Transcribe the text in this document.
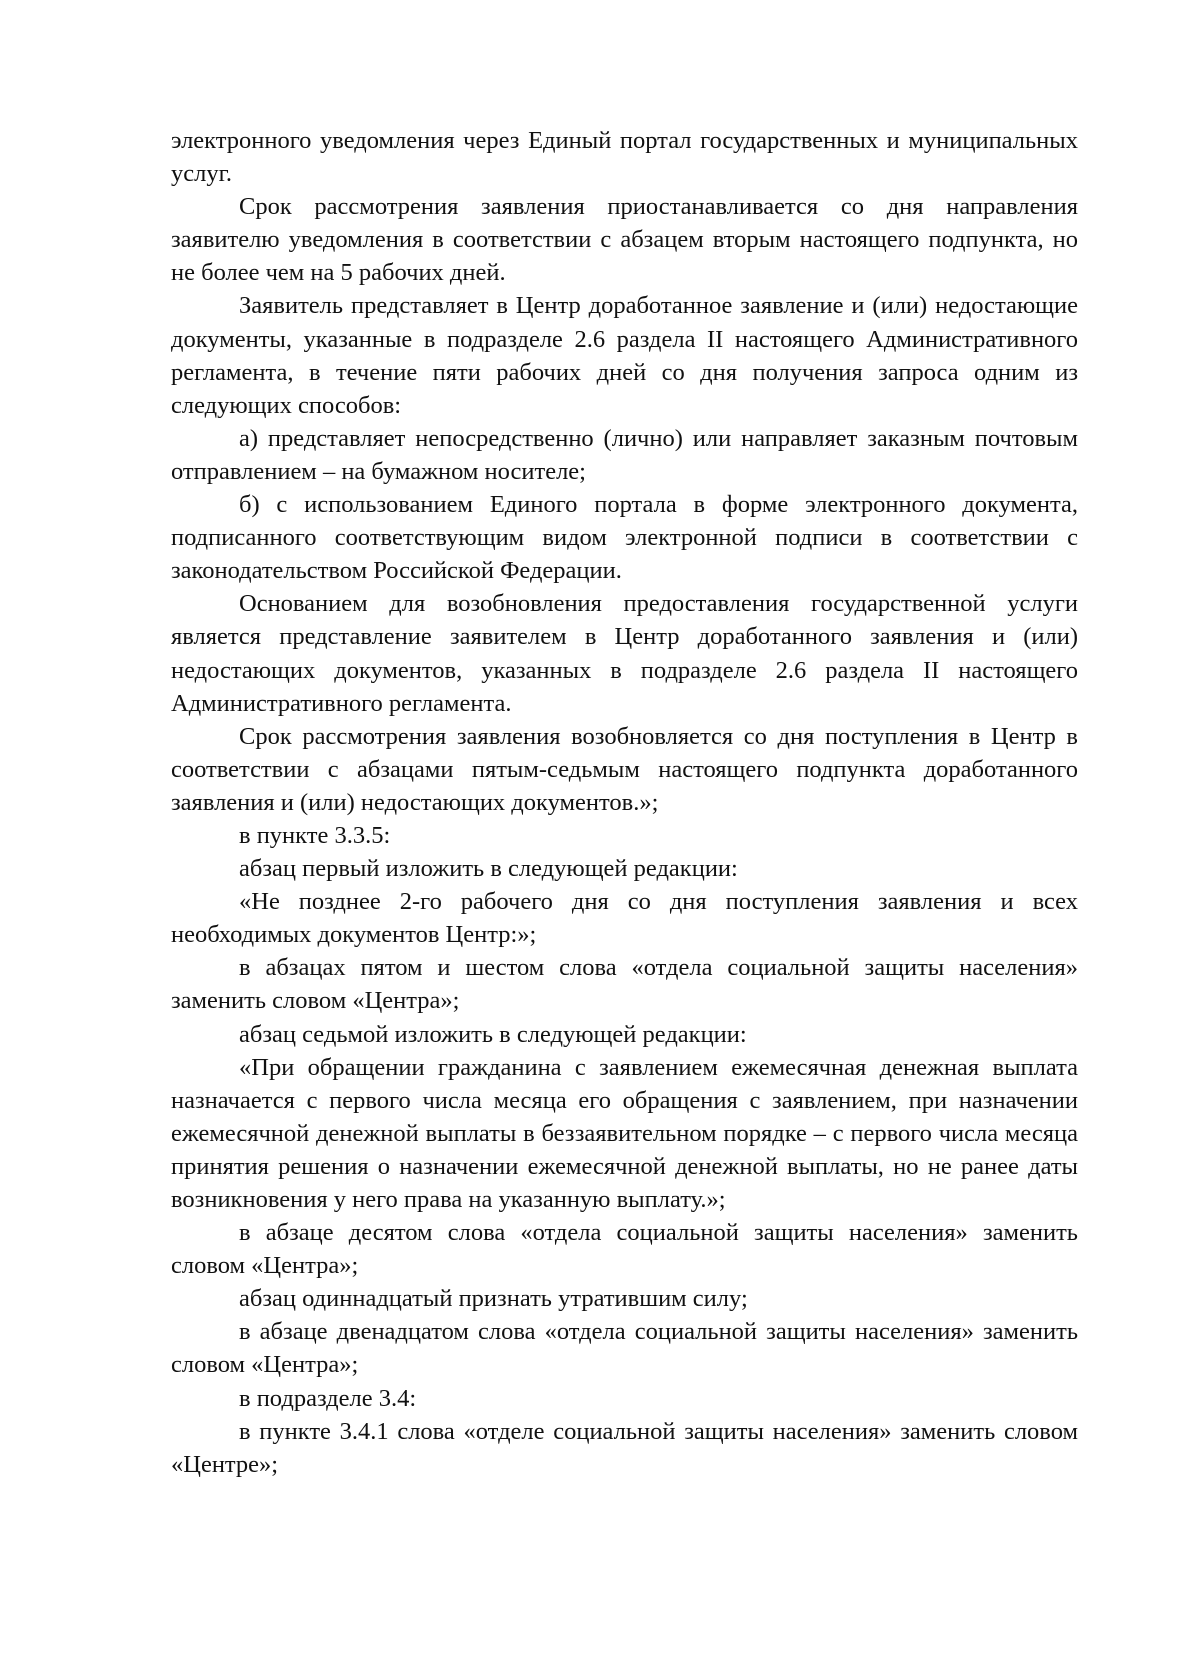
электронного уведомления через Единый портал государственных и муниципальных услуг.

Срок рассмотрения заявления приостанавливается со дня направления заявителю уведомления в соответствии с абзацем вторым настоящего подпункта, но не более чем на 5 рабочих дней.

Заявитель представляет в Центр доработанное заявление и (или) недостающие документы, указанные в подразделе 2.6 раздела II настоящего Административного регламента, в течение пяти рабочих дней со дня получения запроса одним из следующих способов:

а) представляет непосредственно (лично) или направляет заказным почтовым отправлением – на бумажном носителе;

б) с использованием Единого портала в форме электронного документа, подписанного соответствующим видом электронной подписи в соответствии с законодательством Российской Федерации.

Основанием для возобновления предоставления государственной услуги является представление заявителем в Центр доработанного заявления и (или) недостающих документов, указанных в подразделе 2.6 раздела II настоящего Административного регламента.

Срок рассмотрения заявления возобновляется со дня поступления в Центр в соответствии с абзацами пятым-седьмым настоящего подпункта доработанного заявления и (или) недостающих документов.»;

в пункте 3.3.5:

абзац первый изложить в следующей редакции:

«Не позднее 2-го рабочего дня со дня поступления заявления и всех необходимых документов Центр:»;

в абзацах пятом и шестом слова «отдела социальной защиты населения» заменить словом «Центра»;

абзац седьмой изложить в следующей редакции:

«При обращении гражданина с заявлением ежемесячная денежная выплата назначается с первого числа месяца его обращения с заявлением, при назначении ежемесячной денежной выплаты в беззаявительном порядке – с первого числа месяца принятия решения о назначении ежемесячной денежной выплаты, но не ранее даты возникновения у него права на указанную выплату.»;

в абзаце десятом слова «отдела социальной защиты населения» заменить словом «Центра»;

абзац одиннадцатый признать утратившим силу;

в абзаце двенадцатом слова «отдела социальной защиты населения» заменить словом «Центра»;

в подразделе 3.4:

в пункте 3.4.1 слова «отделе социальной защиты населения» заменить словом «Центре»;
